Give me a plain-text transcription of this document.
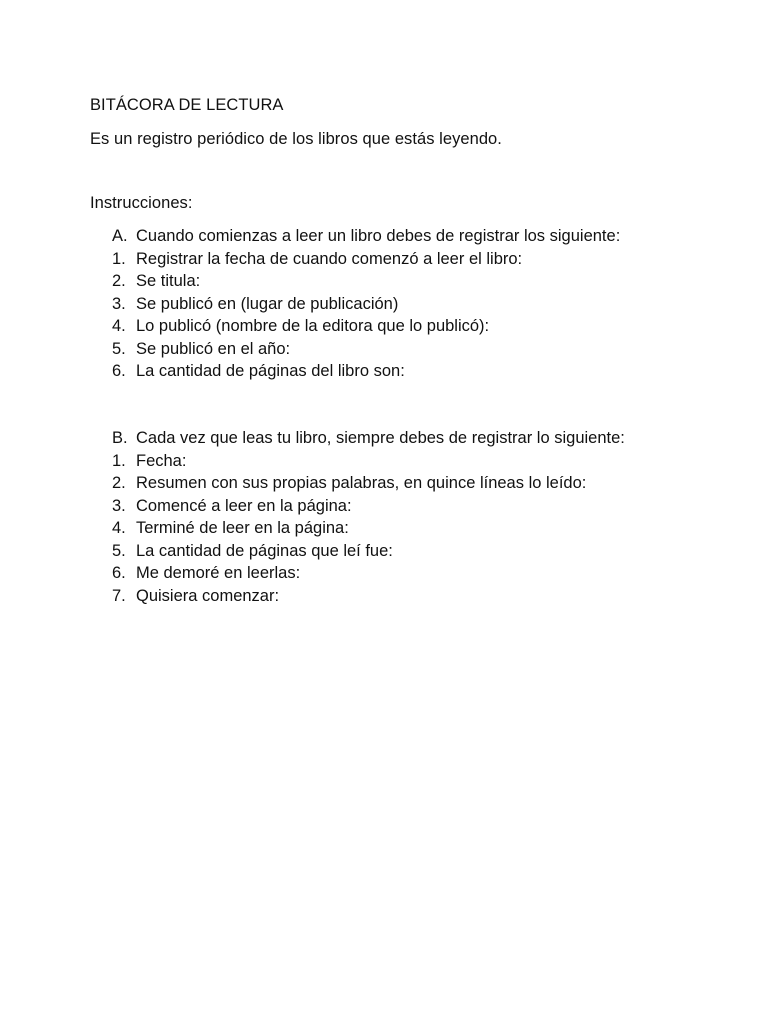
BITÁCORA DE LECTURA
Es un registro periódico de los libros que estás leyendo.
Instrucciones:
A. Cuando comienzas a leer un libro debes de registrar los siguiente:
1. Registrar la fecha de cuando comenzó a leer el libro:
2. Se titula:
3. Se publicó en (lugar de publicación)
4. Lo publicó (nombre de la editora que lo publicó):
5. Se publicó en el año:
6. La cantidad de páginas del libro son:
B. Cada vez que leas tu libro, siempre debes de registrar lo siguiente:
1. Fecha:
2. Resumen con sus propias palabras, en quince líneas lo leído:
3. Comencé a leer en la página:
4. Terminé de leer en la página:
5. La cantidad de páginas que leí fue:
6. Me demoré en leerlas:
7. Quisiera comenzar:
